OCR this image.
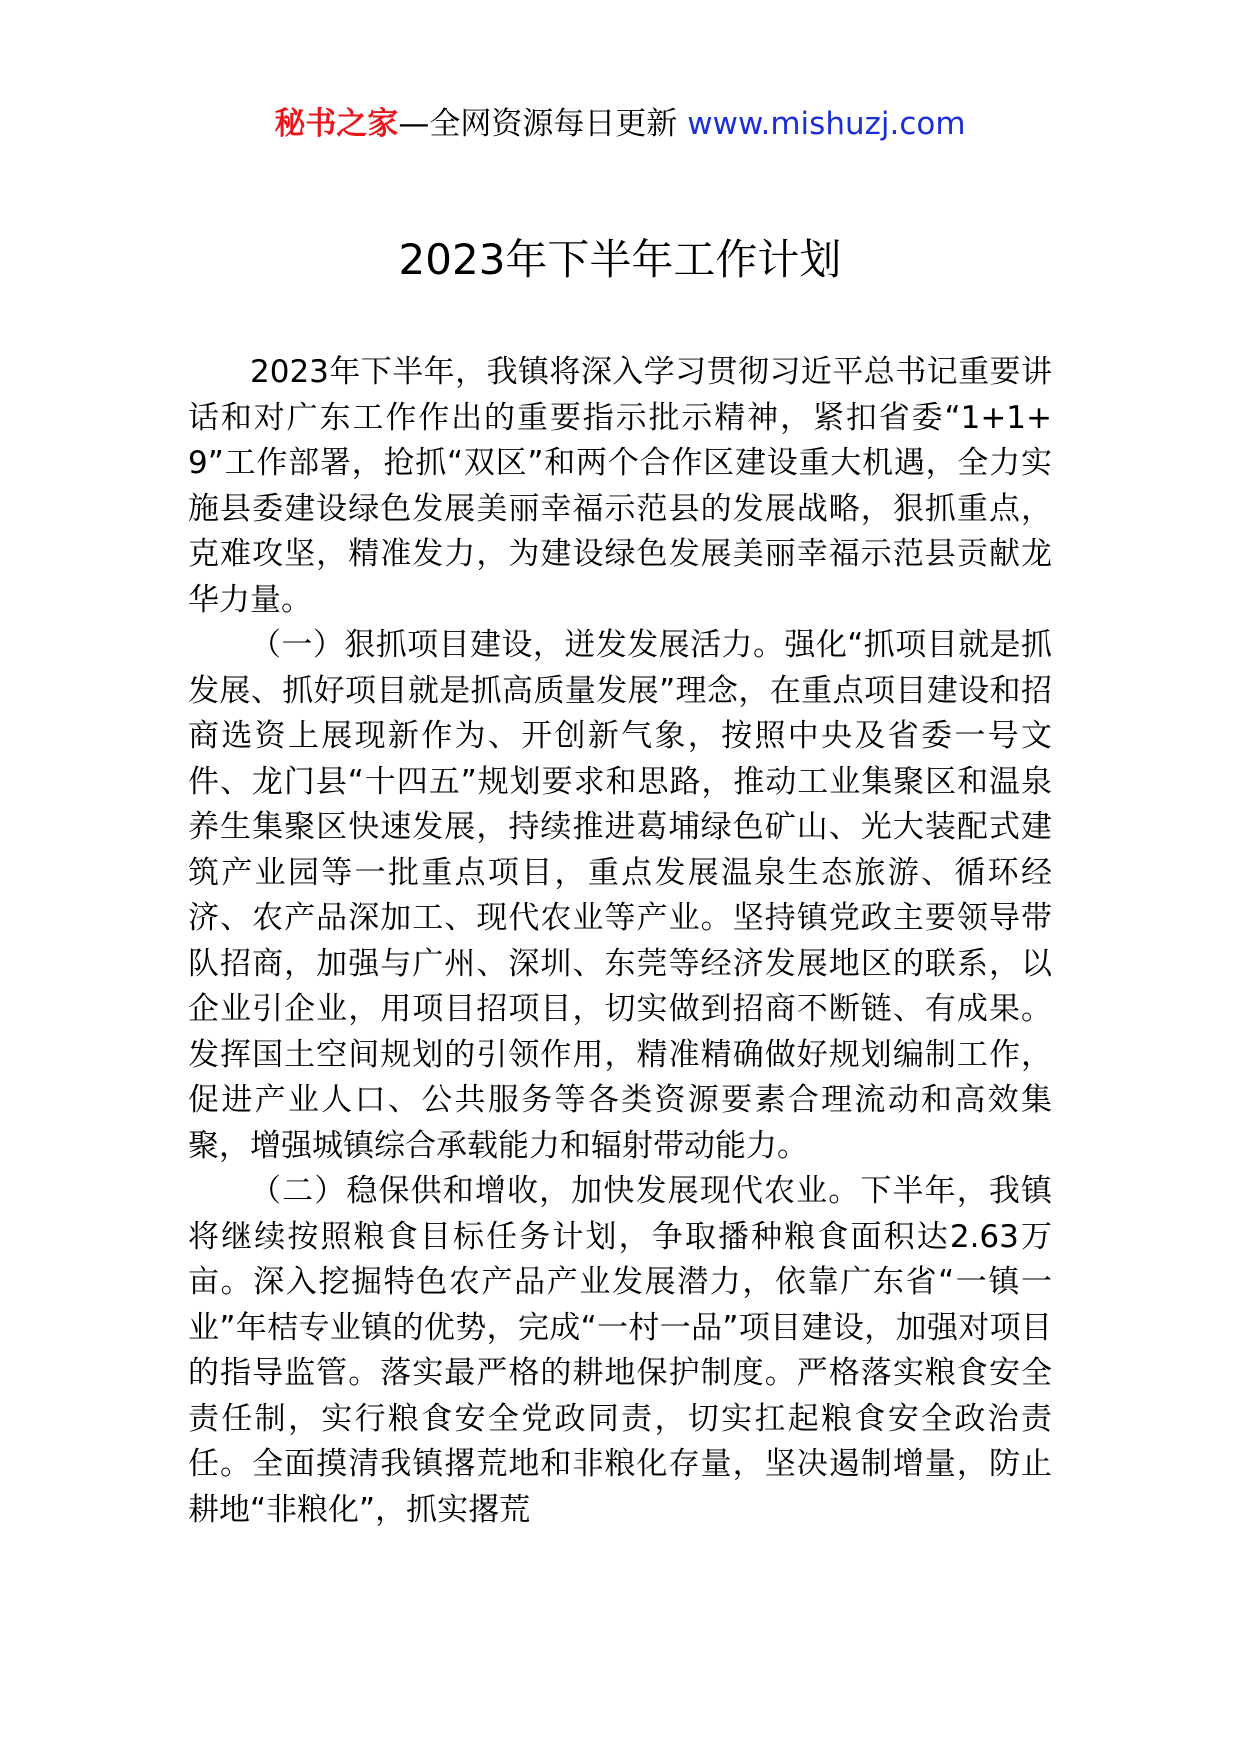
秘书之家—全网资源每日更新 www.mishuzj.com
2023年下半年工作计划

2023年下半年，我镇将深入学习贯彻习近平总书记重要讲话和对广东工作作出的重要指示批示精神，紧扣省委“1+1+9”工作部署，抢抓“双区”和两个合作区建设重大机遇，全力实施县委建设绿色发展美丽幸福示范县的发展战略，狠抓重点，克难攻坚，精准发力，为建设绿色发展美丽幸福示范县贡献龙华力量。

（一）狠抓项目建设，迸发发展活力。强化“抓项目就是抓发展、抓好项目就是抓高质量发展”理念，在重点项目建设和招商选资上展现新作为、开创新气象，按照中央及省委一号文件、龙门县“十四五”规划要求和思路，推动工业集聚区和温泉养生集聚区快速发展，持续推进葛埔绿色矿山、光大装配式建筑产业园等一批重点项目，重点发展温泉生态旅游、循环经济、农产品深加工、现代农业等产业。坚持镇党政主要领导带队招商，加强与广州、深圳、东莞等经济发展地区的联系，以企业引企业，用项目招项目，切实做到招商不断链、有成果。发挥国土空间规划的引领作用，精准精确做好规划编制工作，促进产业人口、公共服务等各类资源要素合理流动和高效集聚，增强城镇综合承载能力和辐射带动能力。

（二）稳保供和增收，加快发展现代农业。下半年，我镇将继续按照粮食目标任务计划，争取播种粮食面积达2.63万亩。深入挖掘特色农产品产业发展潜力，依靠广东省“一镇一业”年桔专业镇的优势，完成“一村一品”项目建设，加强对项目的指导监管。落实最严格的耕地保护制度。严格落实粮食安全责任制，实行粮食安全党政同责，切实扛起粮食安全政治责任。全面摸清我镇撂荒地和非粮化存量，坚决遏制增量，防止耕地“非粮化”，抓实撂荒
